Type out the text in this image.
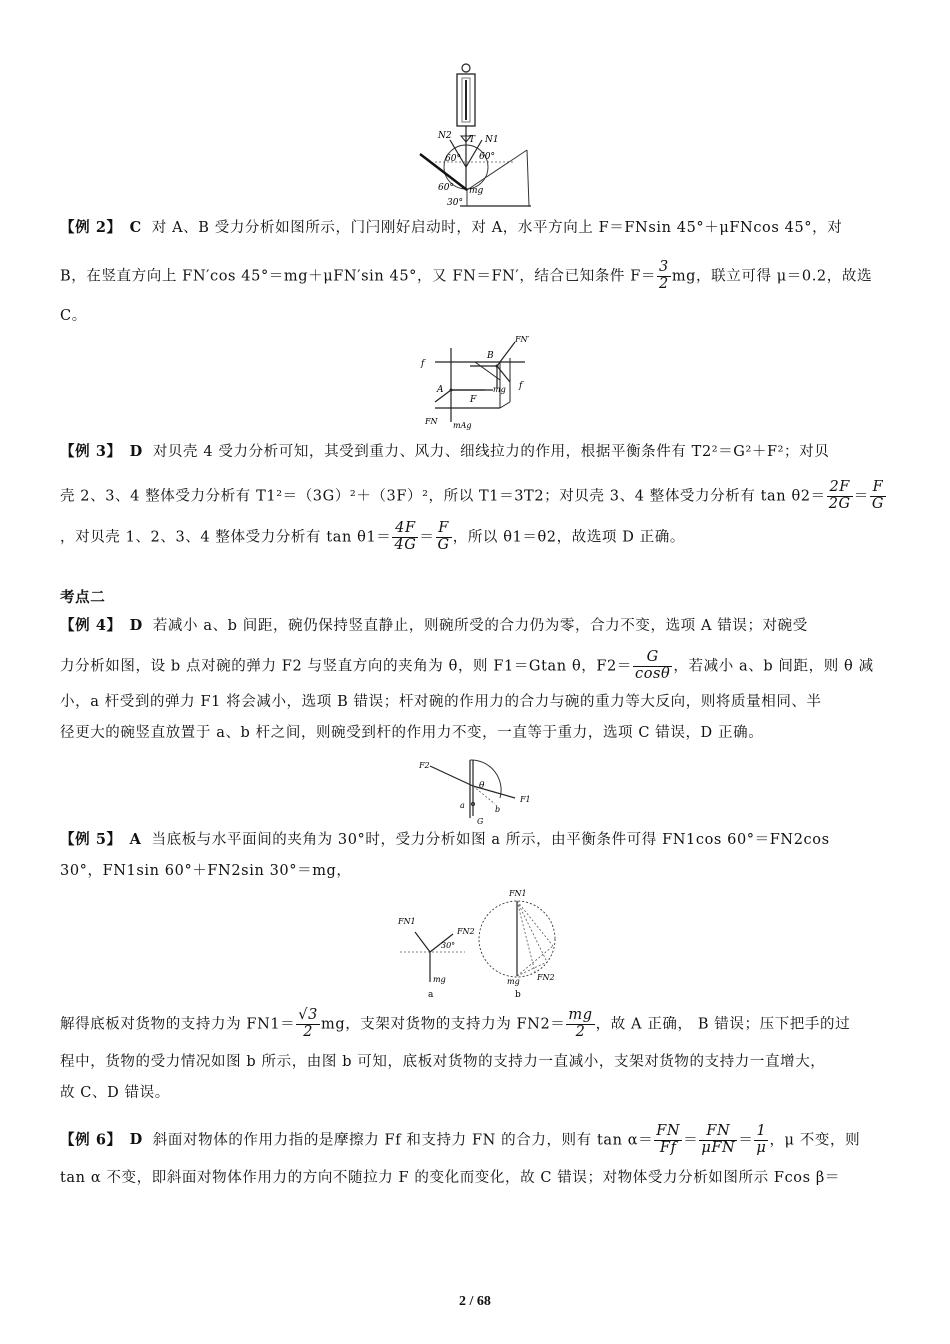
N2 T N1
60° 60°
60°
30°
mg
【例 2】 C 对 A、B 受力分析如图所示，门闩刚好启动时，对 A，水平方向上 F＝FNsin 45°＋μFNcos 45°，对
B，在竖直方向上 FN′cos 45°＝mg＋μFN′sin 45°，又 FN＝FN′，结合已知条件 $F= \frac{3}{2}$ mg，联立可得 μ＝0.2，故选
C。
FN′
f
B
A	mg
F
f
FN mAg
【例 3】 D 对贝壳 4 受力分析可知，其受到重力、风力、细线拉力的作用，根据平衡条件有 T2²＝G²＋F²；对贝
壳 2、3、4 整体受力分析有 T1²＝（3G）²＋（3F）²，所以 T1＝3T2；对贝壳 3、4 整体受力分析有 $\tan \theta 2= \frac{2F}{2G} = \frac{F}{G}$
，对贝壳 1、2、3、4 整体受力分析有 $\tan \theta 1= \frac{4F}{4G} = \frac{F}{G}$ ，所以 θ1＝θ2，故选项 D 正确。
考点二
【例 4】 D 若减小 a、b 间距，碗仍保持竖直静止，则碗所受的合力仍为零，合力不变，选项 A 错误；对碗受
力分析如图，设 b 点对碗的弹力 F2 与竖直方向的夹角为 θ，则 F1＝Gtan θ，$F2= \frac{G}{\cos\theta}$ ，若减小 a、b 间距，则 θ 减
小，a 杆受到的弹力 F1 将会减小，选项 B 错误；杆对碗的作用力的合力与碗的重力等大反向，则将质量相同、半
径更大的碗竖直放置于 a、b 杆之间，则碗受到杆的作用力不变，一直等于重力，选项 C 错误，D 正确。
F2
θ
a	b
G
F1
【例 5】 A 当底板与水平面间的夹角为 30°时，受力分析如图 a 所示，由平衡条件可得 FN1cos 60°＝FN2cos
30°，FN1sin 60°＋FN2sin 30°＝mg，
FN1
FN2
30°
mg
a
FN1
mg FN2
b
解得底板对货物的支持力为 $FN1= \frac{√3}{2}$ mg，支架对货物的支持力为 $FN2= \frac{mg}{2}$ ，故 A 正确， B 错误；压下把手的过
程中，货物的受力情况如图 b 所示，由图 b 可知，底板对货物的支持力一直减小，支架对货物的支持力一直增大，
故 C、D 错误。
【例 6】 D 斜面对物体的作用力指的是摩擦力 Ff 和支持力 FN 的合力，则有 $\tan \alpha= \frac{FN}{Ff} = \frac{FN}{\text{μFN}} = \frac{1}{\mu}$ ，μ 不变，则
tan α 不变，即斜面对物体作用力的方向不随拉力 F 的变化而变化，故 C 错误；对物体受力分析如图所示 Fcos β＝
2 / 68
